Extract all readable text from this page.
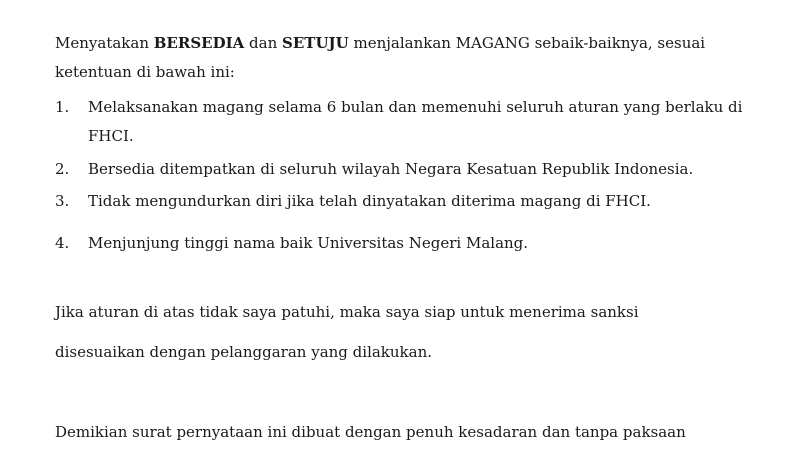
Menyatakan BERSEDIA dan SETUJU menjalankan MAGANG sebaik-baiknya, sesuai ketentuan di bawah ini:

1.	Melaksanakan magang selama 6 bulan dan memenuhi seluruh aturan yang berlaku di FHCI.
2.	Bersedia ditempatkan di seluruh wilayah Negara Kesatuan Republik Indonesia.
3.	Tidak mengundurkan diri jika telah dinyatakan diterima magang di FHCI.
4.	Menjunjung tinggi nama baik Universitas Negeri Malang.

Jika aturan di atas tidak saya patuhi, maka saya siap untuk menerima sanksi

disesuaikan dengan pelanggaran yang dilakukan.

Demikian surat pernyataan ini dibuat dengan penuh kesadaran dan tanpa paksaan
